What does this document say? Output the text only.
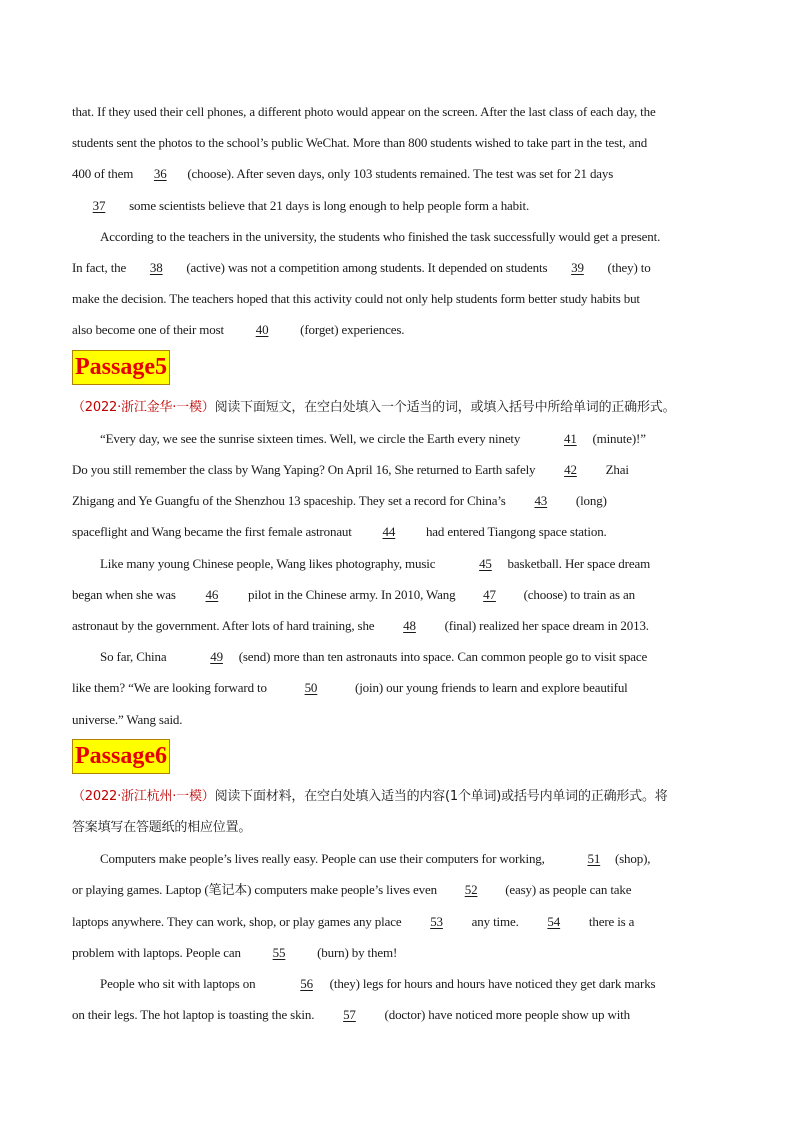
that. If they used their cell phones, a different photo would appear on the screen. After the last class of each day, the

students sent the photos to the school’s public WeChat. More than 800 students wished to take part in the test, and

400 of them 36 (choose). After seven days, only 103 students remained. The test was set for 21 days

37 some scientists believe that 21 days is long enough to help people form a habit.

According to the teachers in the university, the students who finished the task successfully would get a present.

In fact, the 38 (active) was not a competition among students. It depended on students 39 (they) to

make the decision. The teachers hoped that this activity could not only help students form better study habits but

also become one of their most 40 (forget) experiences.

Passage5

（2022·浙江金华·一模）阅读下面短文，在空白处填入一个适当的词，或填入括号中所给单词的正确形式。

“Every day, we see the sunrise sixteen times. Well, we circle the Earth every ninety	41 (minute)!”

Do you still remember the class by Wang Yaping? On April 16, She returned to Earth safely 42 Zhai

Zhigang and Ye Guangfu of the Shenzhou 13 spaceship. They set a record for China’s 43 (long)

spaceflight and Wang became the first female astronaut 44 had entered Tiangong space station.

Like many young Chinese people, Wang likes photography, music	45 basketball. Her space dream

began when she was 46 pilot in the Chinese army. In 2010, Wang 47 (choose) to train as an

astronaut by the government. After lots of hard training, she 48 (final) realized her space dream in 2013.

So far, China	49 (send) more than ten astronauts into space. Can common people go to visit space

like them? “We are looking forward to	50	(join) our young friends to learn and explore beautiful

universe.” Wang said.

Passage6

（2022·浙江杭州·一模）阅读下面材料，在空白处填入适当的内容(1个单词)或括号内单词的正确形式。将

答案填写在答题纸的相应位置。

Computers make people’s lives really easy. People can use their computers for working,	51 (shop),

or playing games. Laptop (笔记本) computers make people’s lives even 52 (easy) as people can take

laptops anywhere. They can work, shop, or play games any place 53 any time. 54 there is a

problem with laptops. People can 55 (burn) by them!

People who sit with laptops on	56 (they) legs for hours and hours have noticed they get dark marks

on their legs. The hot laptop is toasting the skin. 57 (doctor) have noticed more people show up with
